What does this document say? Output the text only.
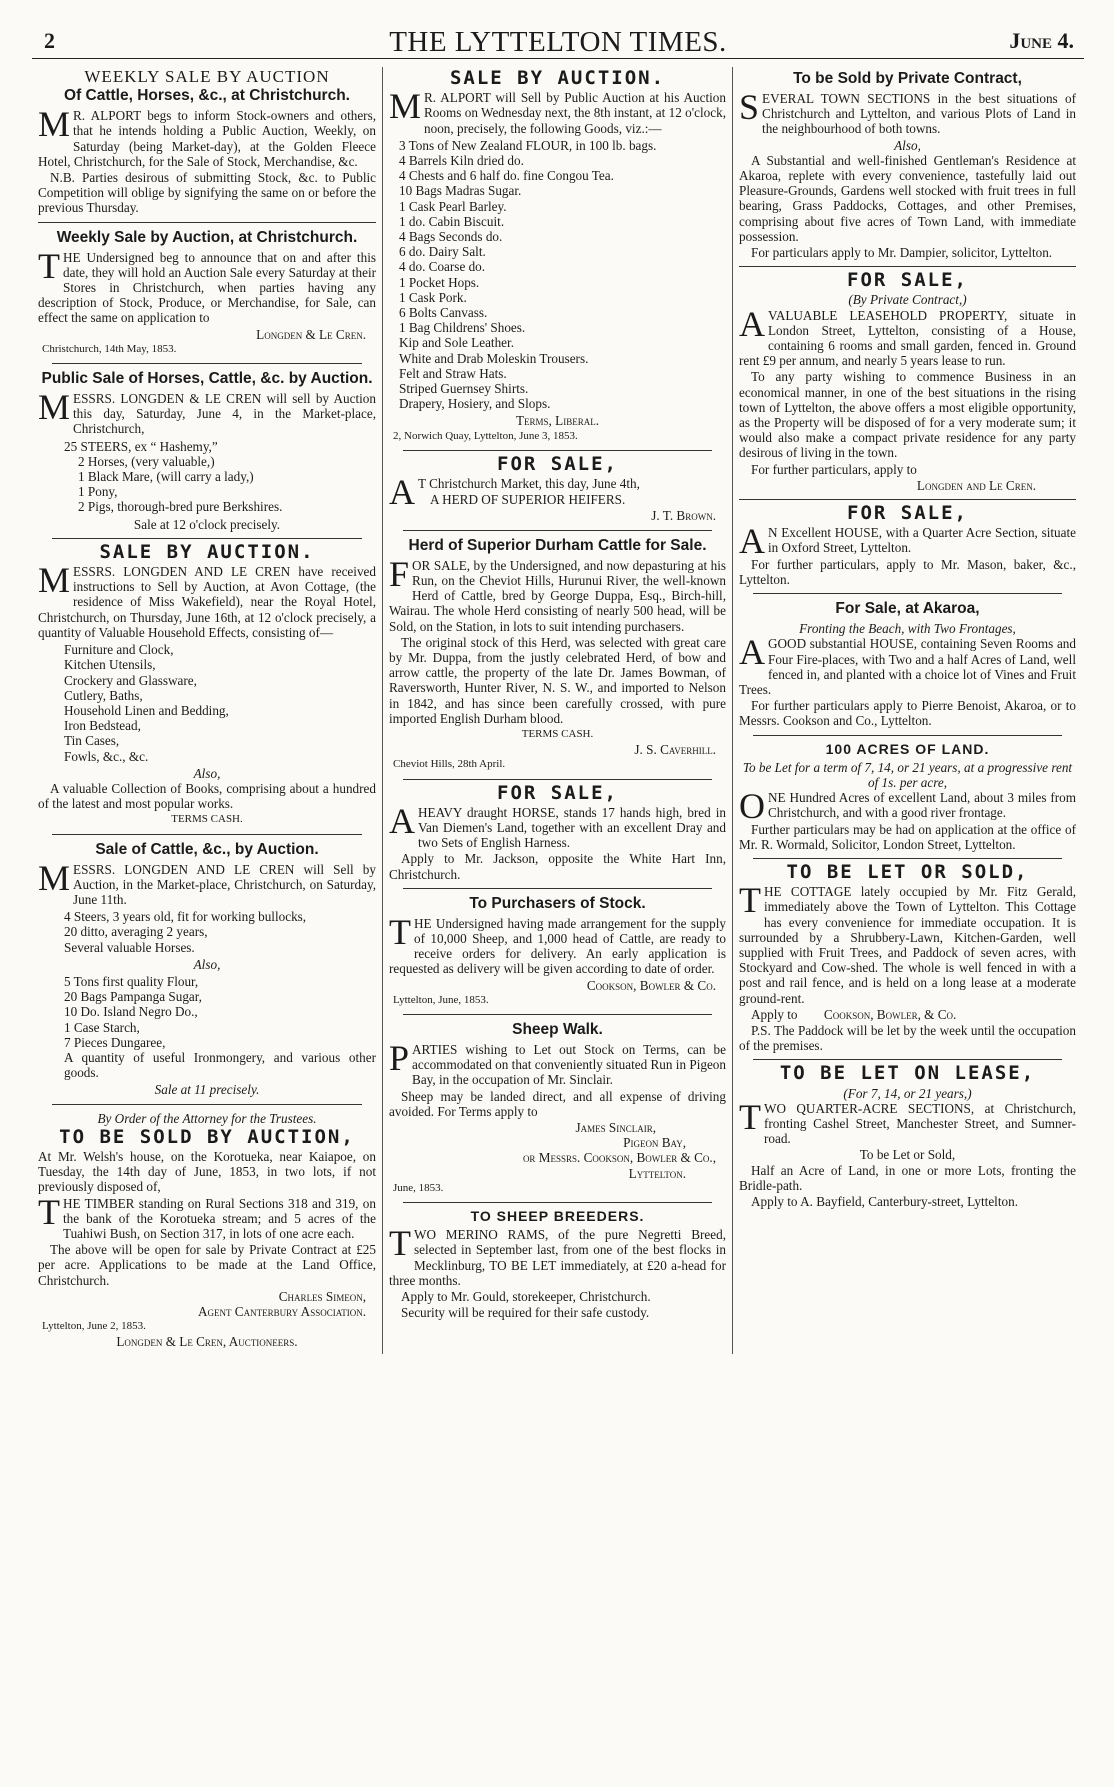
2	THE LYTTELTON TIMES.	June 4.
WEEKLY SALE BY AUCTION
Of Cattle, Horses, &c., at Christchurch.

M R. ALPORT begs to inform Stock-owners and others, that he intends holding a Public Auction, Weekly, on Saturday (being Market-day), at the Golden Fleece Hotel, Christchurch, for the Sale of Stock, Merchandise, &c.

N.B. Parties desirous of submitting Stock, &c. to Public Competition will oblige by signifying the same on or before the previous Thursday.

Weekly Sale by Auction, at Christchurch.

THE Undersigned beg to announce that on and after this date, they will hold an Auction Sale every Saturday at their Stores in Christchurch, when parties having any description of Stock, Produce, or Merchandise, for Sale, can effect the same on application to

Longden & Le Cren.
Christchurch, 14th May, 1853.
Public Sale of Horses, Cattle, &c. by Auction.

MESSRS. LONGDEN & LE CREN will sell by Auction this day, Saturday, June 4, in the Market-place, Christchurch,

25 STEERS, ex “ Hashemy,”
2 Horses, (very valuable,)
1 Black Mare, (will carry a lady,)
1 Pony,
2 Pigs, thorough-bred pure Berkshires.
Sale at 12 o'clock precisely.
SALE BY AUCTION.

MESSRS. LONGDEN AND LE CREN have received instructions to Sell by Auction, at Avon Cottage, (the residence of Miss Wakefield), near the Royal Hotel, Christchurch, on Thursday, June 16th, at 12 o'clock precisely, a quantity of Valuable Household Effects, consisting of—

Furniture and Clock,
Kitchen Utensils,
Crockery and Glassware,
Cutlery, Baths,
Household Linen and Bedding,
Iron Bedstead,
Tin Cases,
Fowls, &c., &c.
Also,

A valuable Collection of Books, comprising about a hundred of the latest and most popular works.

TERMS CASH.
Sale of Cattle, &c., by Auction.

MESSRS. LONGDEN AND LE CREN will Sell by Auction, in the Market-place, Christchurch, on Saturday, June 11th.

4 Steers, 3 years old, fit for working bullocks,
20 ditto, averaging 2 years,
Several valuable Horses.
Also,
5 Tons first quality Flour,
20 Bags Pampanga Sugar,
10 Do. Island Negro Do.,
1 Case Starch,
7 Pieces Dungaree,
A quantity of useful Ironmongery, and various other goods.
Sale at 11 precisely.
By Order of the Attorney for the Trustees.
TO BE SOLD BY AUCTION,

At Mr. Welsh's house, on the Korotueka, near Kaiapoe, on Tuesday, the 14th day of June, 1853, in two lots, if not previously disposed of,

THE TIMBER standing on Rural Sections 318 and 319, on the bank of the Korotueka stream; and 5 acres of the Tuahiwi Bush, on Section 317, in lots of one acre each.

The above will be open for sale by Private Contract at £25 per acre. Applications to be made at the Land Office, Christchurch.

Charles Simeon,
Agent Canterbury Association.
Lyttelton, June 2, 1853.
Longden & Le Cren, Auctioneers.
SALE BY AUCTION.

M R. ALPORT will Sell by Public Auction at his Auction Rooms on Wednesday next, the 8th instant, at 12 o'clock, noon, precisely, the following Goods, viz.:—

3 Tons of New Zealand FLOUR, in 100 lb. bags.
4 Barrels Kiln dried do.
4 Chests and 6 half do. fine Congou Tea.
10 Bags Madras Sugar.
1 Cask Pearl Barley.
1 do. Cabin Biscuit.
4 Bags Seconds do.
6 do. Dairy Salt.
4 do. Coarse do.
1 Pocket Hops.
1 Cask Pork.
6 Bolts Canvass.
1 Bag Childrens' Shoes.
Kip and Sole Leather.
White and Drab Moleskin Trousers.
Felt and Straw Hats.
Striped Guernsey Shirts.
Drapery, Hosiery, and Slops.
Terms, Liberal.
2, Norwich Quay, Lyttelton, June 3, 1853.
FOR SALE,

A T Christchurch Market, this day, June 4th,

A HERD OF SUPERIOR HEIFERS.

J. T. Brown.
Herd of Superior Durham Cattle for Sale.

FOR SALE, by the Undersigned, and now depasturing at his Run, on the Cheviot Hills, Hurunui River, the well-known Herd of Cattle, bred by George Duppa, Esq., Birch-hill, Wairau. The whole Herd consisting of nearly 500 head, will be Sold, on the Station, in lots to suit intending purchasers.

The original stock of this Herd, was selected with great care by Mr. Duppa, from the justly celebrated Herd, of bow and arrow cattle, the property of the late Dr. James Bowman, of Raversworth, Hunter River, N. S. W., and imported to Nelson in 1842, and has since been carefully crossed, with pure imported English Durham blood.

TERMS CASH.
J. S. Caverhill.
Cheviot Hills, 28th April.
FOR SALE,

AHEAVY draught HORSE, stands 17 hands high, bred in Van Diemen's Land, together with an excellent Dray and two Sets of English Harness.

Apply to Mr. Jackson, opposite the White Hart Inn, Christchurch.

To Purchasers of Stock.

THE Undersigned having made arrangement for the supply of 10,000 Sheep, and 1,000 head of Cattle, are ready to receive orders for delivery. An early application is requested as delivery will be given according to date of order.

Cookson, Bowler & Co.
Lyttelton, June, 1853.
Sheep Walk.

PARTIES wishing to Let out Stock on Terms, can be accommodated on that conveniently situated Run in Pigeon Bay, in the occupation of Mr. Sinclair.

Sheep may be landed direct, and all expense of driving avoided. For Terms apply to

James Sinclair,
Pigeon Bay,
or Messrs. Cookson, Bowler & Co.,
Lyttelton.
June, 1853.
TO SHEEP BREEDERS.

TWO MERINO RAMS, of the pure Negretti Breed, selected in September last, from one of the best flocks in Mecklinburg, TO BE LET immediately, at £20 a-head for three months.

Apply to Mr. Gould, storekeeper, Christchurch.

Security will be required for their safe custody.

To be Sold by Private Contract,

SEVERAL TOWN SECTIONS in the best situations of Christchurch and Lyttelton, and various Plots of Land in the neighbourhood of both towns.

Also,

A Substantial and well-finished Gentleman's Residence at Akaroa, replete with every convenience, tastefully laid out Pleasure-Grounds, Gardens well stocked with fruit trees in full bearing, Grass Paddocks, Cottages, and other Premises, comprising about five acres of Town Land, with immediate possession.

For particulars apply to Mr. Dampier, solicitor, Lyttelton.

FOR SALE,
(By Private Contract,)

AVALUABLE LEASEHOLD PROPERTY, situate in London Street, Lyttelton, consisting of a House, containing 6 rooms and small garden, fenced in. Ground rent £9 per annum, and nearly 5 years lease to run.

To any party wishing to commence Business in an economical manner, in one of the best situations in the rising town of Lyttelton, the above offers a most eligible opportunity, as the Property will be disposed of for a very moderate sum; it would also make a compact private residence for any party desirous of living in the town.

For further particulars, apply to

Longden and Le Cren.
FOR SALE,

A N Excellent HOUSE, with a Quarter Acre Section, situate in Oxford Street, Lyttelton.

For further particulars, apply to Mr. Mason, baker, &c., Lyttelton.

For Sale, at Akaroa,
Fronting the Beach, with Two Frontages,

AGOOD substantial HOUSE, containing Seven Rooms and Four Fire-places, with Two and a half Acres of Land, well fenced in, and planted with a choice lot of Vines and Fruit Trees.

For further particulars apply to Pierre Benoist, Akaroa, or to Messrs. Cookson and Co., Lyttelton.

100 ACRES OF LAND.
To be Let for a term of 7, 14, or 21 years, at a progressive rent of 1s. per acre,

ONE Hundred Acres of excellent Land, about 3 miles from Christchurch, and with a good river frontage.

Further particulars may be had on application at the office of Mr. R. Wormald, Solicitor, London Street, Lyttelton.

TO BE LET OR SOLD,

THE COTTAGE lately occupied by Mr. Fitz Gerald, immediately above the Town of Lyttelton. This Cottage has every convenience for immediate occupation. It is surrounded by a Shrubbery-Lawn, Kitchen-Garden, well supplied with Fruit Trees, and Paddock of seven acres, with Stockyard and Cow-shed. The whole is well fenced in with a post and rail fence, and is held on a long lease at a moderate ground-rent.

Apply to Cookson, Bowler, & Co.

P.S. The Paddock will be let by the week until the occupation of the premises.

TO BE LET ON LEASE,
(For 7, 14, or 21 years,)

TWO QUARTER-ACRE SECTIONS, at Christchurch, fronting Cashel Street, Manchester Street, and Sumner-road.

To be Let or Sold,

Half an Acre of Land, in one or more Lots, fronting the Bridle-path.

Apply to A. Bayfield, Canterbury-street, Lyttelton.
